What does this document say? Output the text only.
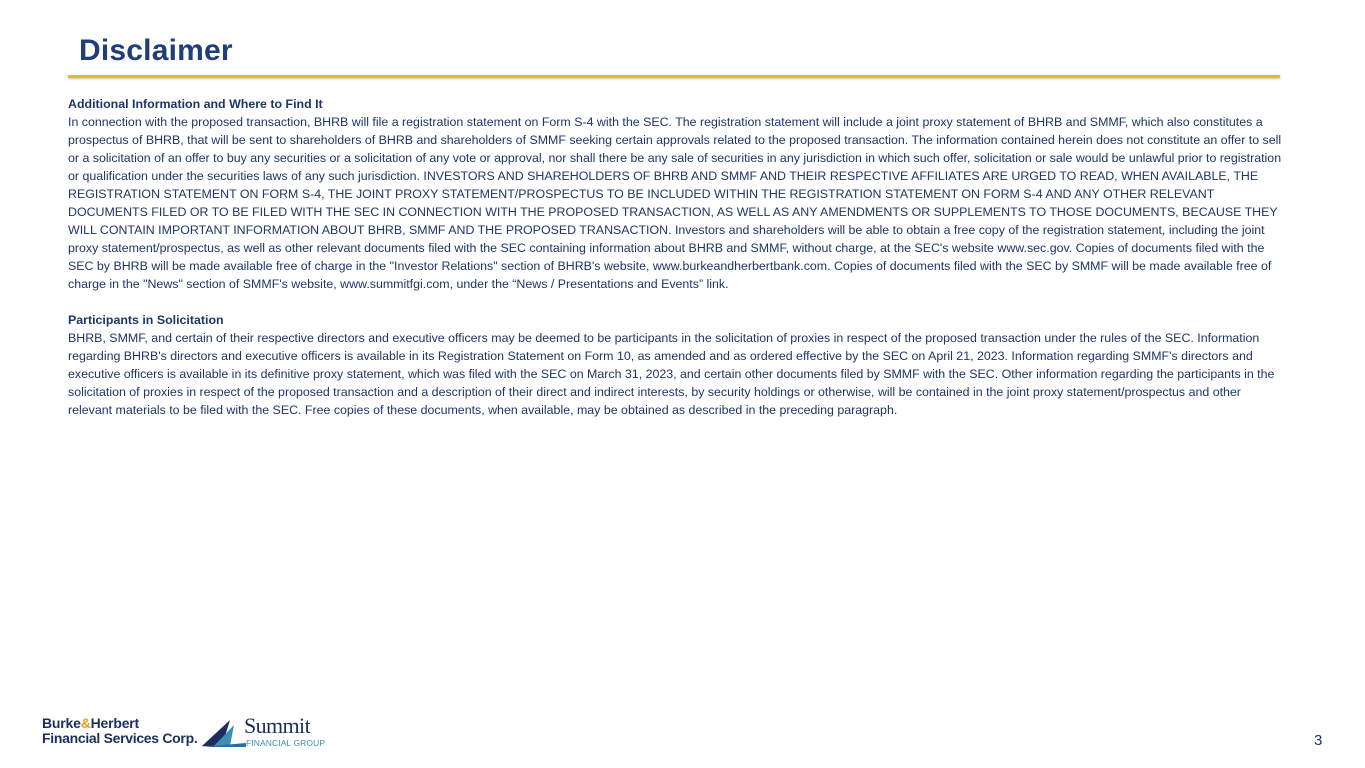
Disclaimer
Additional Information and Where to Find It
In connection with the proposed transaction, BHRB will file a registration statement on Form S-4 with the SEC. The registration statement will include a joint proxy statement of BHRB and SMMF, which also constitutes a prospectus of BHRB, that will be sent to shareholders of BHRB and shareholders of SMMF seeking certain approvals related to the proposed transaction. The information contained herein does not constitute an offer to sell or a solicitation of an offer to buy any securities or a solicitation of any vote or approval, nor shall there be any sale of securities in any jurisdiction in which such offer, solicitation or sale would be unlawful prior to registration or qualification under the securities laws of any such jurisdiction. INVESTORS AND SHAREHOLDERS OF BHRB AND SMMF AND THEIR RESPECTIVE AFFILIATES ARE URGED TO READ, WHEN AVAILABLE, THE REGISTRATION STATEMENT ON FORM S-4, THE JOINT PROXY STATEMENT/PROSPECTUS TO BE INCLUDED WITHIN THE REGISTRATION STATEMENT ON FORM S-4 AND ANY OTHER RELEVANT DOCUMENTS FILED OR TO BE FILED WITH THE SEC IN CONNECTION WITH THE PROPOSED TRANSACTION, AS WELL AS ANY AMENDMENTS OR SUPPLEMENTS TO THOSE DOCUMENTS, BECAUSE THEY WILL CONTAIN IMPORTANT INFORMATION ABOUT BHRB, SMMF AND THE PROPOSED TRANSACTION. Investors and shareholders will be able to obtain a free copy of the registration statement, including the joint proxy statement/prospectus, as well as other relevant documents filed with the SEC containing information about BHRB and SMMF, without charge, at the SEC's website www.sec.gov. Copies of documents filed with the SEC by BHRB will be made available free of charge in the "Investor Relations" section of BHRB's website, www.burkeandherbertbank.com. Copies of documents filed with the SEC by SMMF will be made available free of charge in the "News" section of SMMF's website, www.summitfgi.com, under the “News / Presentations and Events” link.
Participants in Solicitation
BHRB, SMMF, and certain of their respective directors and executive officers may be deemed to be participants in the solicitation of proxies in respect of the proposed transaction under the rules of the SEC. Information regarding BHRB's directors and executive officers is available in its Registration Statement on Form 10, as amended and as ordered effective by the SEC on April 21, 2023. Information regarding SMMF's directors and executive officers is available in its definitive proxy statement, which was filed with the SEC on March 31, 2023, and certain other documents filed by SMMF with the SEC. Other information regarding the participants in the solicitation of proxies in respect of the proposed transaction and a description of their direct and indirect interests, by security holdings or otherwise, will be contained in the joint proxy statement/prospectus and other relevant materials to be filed with the SEC. Free copies of these documents, when available, may be obtained as described in the preceding paragraph.
Burke&Herbert
Financial Services Corp. Summit
FINANCIAL GROUP	3
